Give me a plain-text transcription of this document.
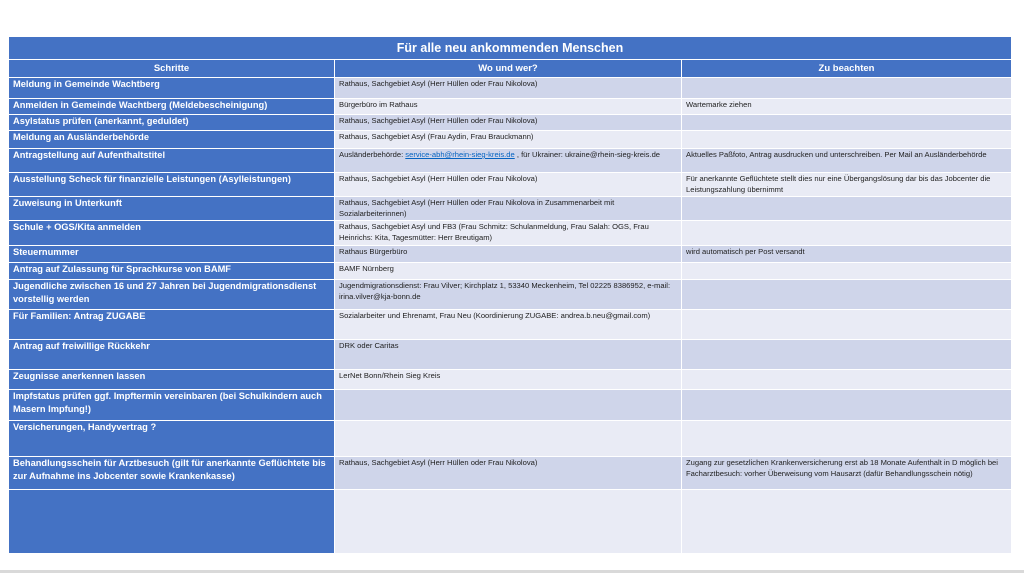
Für alle neu ankommenden Menschen		
Schritte	Wo und wer?	Zu beachten
Meldung in Gemeinde Wachtberg	Rathaus, Sachgebiet Asyl (Herr Hüllen oder Frau Nikolova)	
Anmelden in Gemeinde Wachtberg (Meldebescheinigung)	Bürgerbüro im Rathaus	Wartemarke ziehen
Asylstatus prüfen (anerkannt, geduldet)	Rathaus, Sachgebiet Asyl (Herr Hüllen oder Frau Nikolova)	
Meldung an Ausländerbehörde	Rathaus, Sachgebiet Asyl (Frau Aydin, Frau Brauckmann)	
Antragstellung auf Aufenthaltstitel	Ausländerbehörde: service-abh@rhein-sieg-kreis.de , für Ukrainer: ukraine@rhein-sieg-kreis.de	Aktuelles Paßfoto, Antrag ausdrucken und unterschreiben. Per Mail an Ausländerbehörde
Ausstellung Scheck für finanzielle Leistungen (Asylleistungen)	Rathaus, Sachgebiet Asyl (Herr Hüllen oder Frau Nikolova)	Für anerkannte Geflüchtete stellt dies nur eine Übergangslösung dar bis das Jobcenter die Leistungszahlung übernimmt
Zuweisung in Unterkunft	Rathaus, Sachgebiet Asyl (Herr Hüllen oder Frau Nikolova in Zusammenarbeit mit Sozialarbeiterinnen)	
Schule + OGS/Kita anmelden	Rathaus, Sachgebiet Asyl und FB3 (Frau Schmitz: Schulanmeldung, Frau Salah: OGS, Frau Heinrichs: Kita, Tagesmütter: Herr Breutigam)	
Steuernummer	Rathaus Bürgerbüro	wird automatisch per Post versandt
Antrag auf Zulassung für Sprachkurse von BAMF	BAMF Nürnberg	
Jugendliche zwischen 16 und 27 Jahren bei Jugendmigrationsdienst vorstellig werden	Jugendmigrationsdienst: Frau Vilver; Kirchplatz 1, 53340 Meckenheim, Tel 02225 8386952, e-mail: irina.vilver@kja-bonn.de	
Für Familien: Antrag ZUGABE	Sozialarbeiter und Ehrenamt, Frau Neu (Koordinierung ZUGABE: andrea.b.neu@gmail.com)	
Antrag auf freiwillige Rückkehr	DRK oder Caritas	
Zeugnisse anerkennen lassen	LerNet Bonn/Rhein Sieg Kreis	
Impfstatus prüfen ggf. Impftermin vereinbaren (bei Schulkindern auch Masern Impfung!)		
Versicherungen, Handyvertrag ?		
Behandlungsschein für Arztbesuch (gilt für anerkannte Geflüchtete bis zur Aufnahme ins Jobcenter sowie Krankenkasse)	Rathaus, Sachgebiet Asyl (Herr Hüllen oder Frau Nikolova)	Zugang zur gesetzlichen Krankenversicherung erst ab 18 Monate Aufenthalt in D möglich bei Facharztbesuch: vorher Überweisung vom Hausarzt (dafür Behandlungsschein nötig)
